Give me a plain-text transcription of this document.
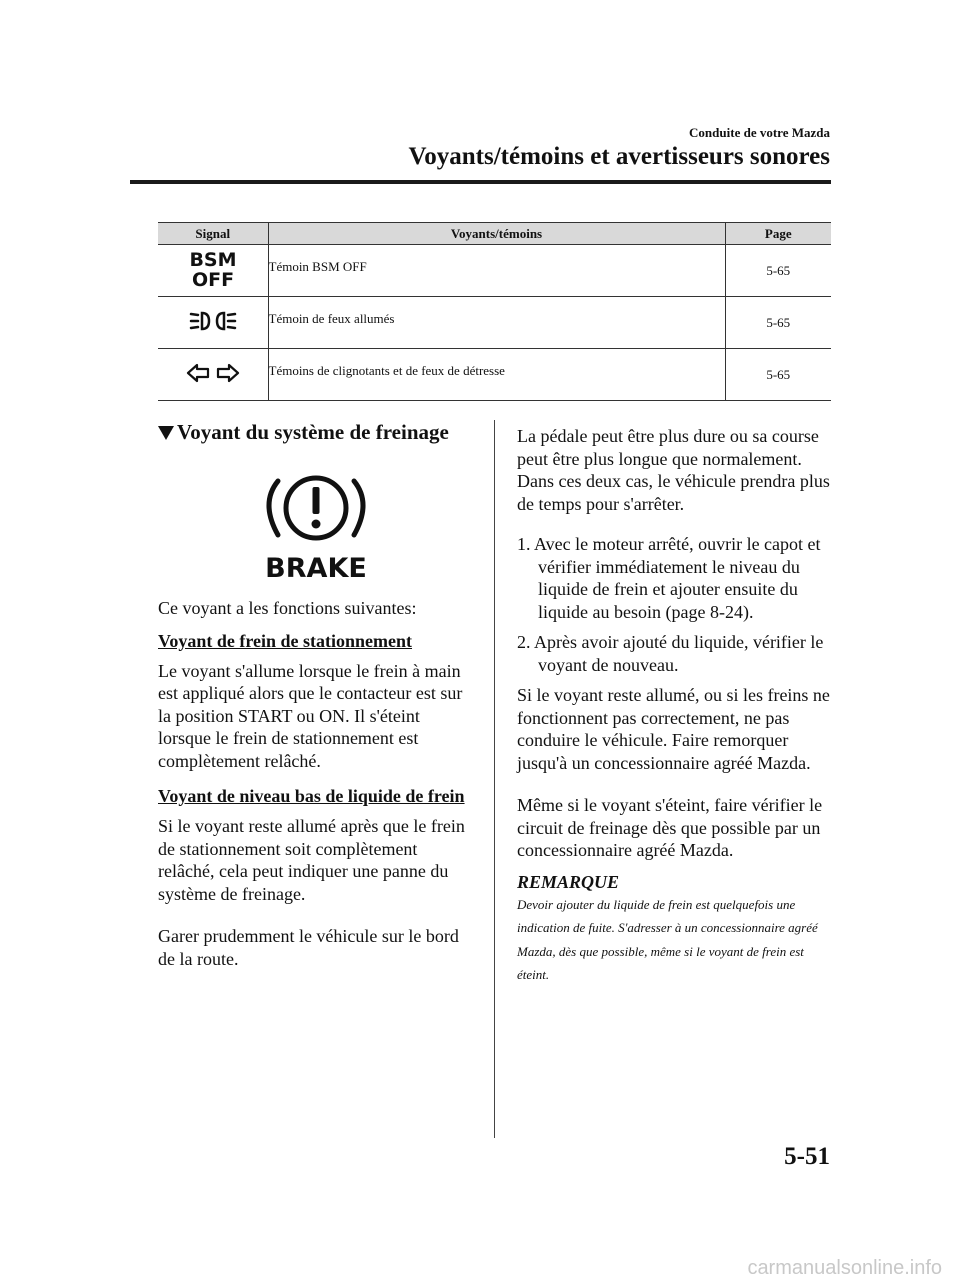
Conduite de votre Mazda
Voyants/témoins et avertisseurs sonores
Signal	Voyants/témoins	Page

BSM
OFF	Témoin BSM OFF	5-65
	Témoin de feux allumés	5-65
	Témoins de clignotants et de feux de détresse	5-65
Voyant du système de freinage
BRAKE

Ce voyant a les fonctions suivantes:

Voyant de frein de stationnement

Le voyant s'allume lorsque le frein à main est appliqué alors que le contacteur est sur la position START ou ON. Il s'éteint lorsque le frein de stationnement est complètement relâché.

Voyant de niveau bas de liquide de frein

Si le voyant reste allumé après que le frein de stationnement soit complètement relâché, cela peut indiquer une panne du système de freinage.

Garer prudemment le véhicule sur le bord de la route.

La pédale peut être plus dure ou sa course peut être plus longue que normalement. Dans ces deux cas, le véhicule prendra plus de temps pour s'arrêter.

1. Avec le moteur arrêté, ouvrir le capot et vérifier immédiatement le niveau du liquide de frein et ajouter ensuite du liquide au besoin (page 8-24).
2. Après avoir ajouté du liquide, vérifier le voyant de nouveau.

Si le voyant reste allumé, ou si les freins ne fonctionnent pas correctement, ne pas conduire le véhicule. Faire remorquer jusqu'à un concessionnaire agréé Mazda.

Même si le voyant s'éteint, faire vérifier le circuit de freinage dès que possible par un concessionnaire agréé Mazda.

REMARQUE

Devoir ajouter du liquide de frein est quelquefois une indication de fuite. S'adresser à un concessionnaire agréé Mazda, dès que possible, même si le voyant de frein est éteint.

5-51
carmanualsonline.info
